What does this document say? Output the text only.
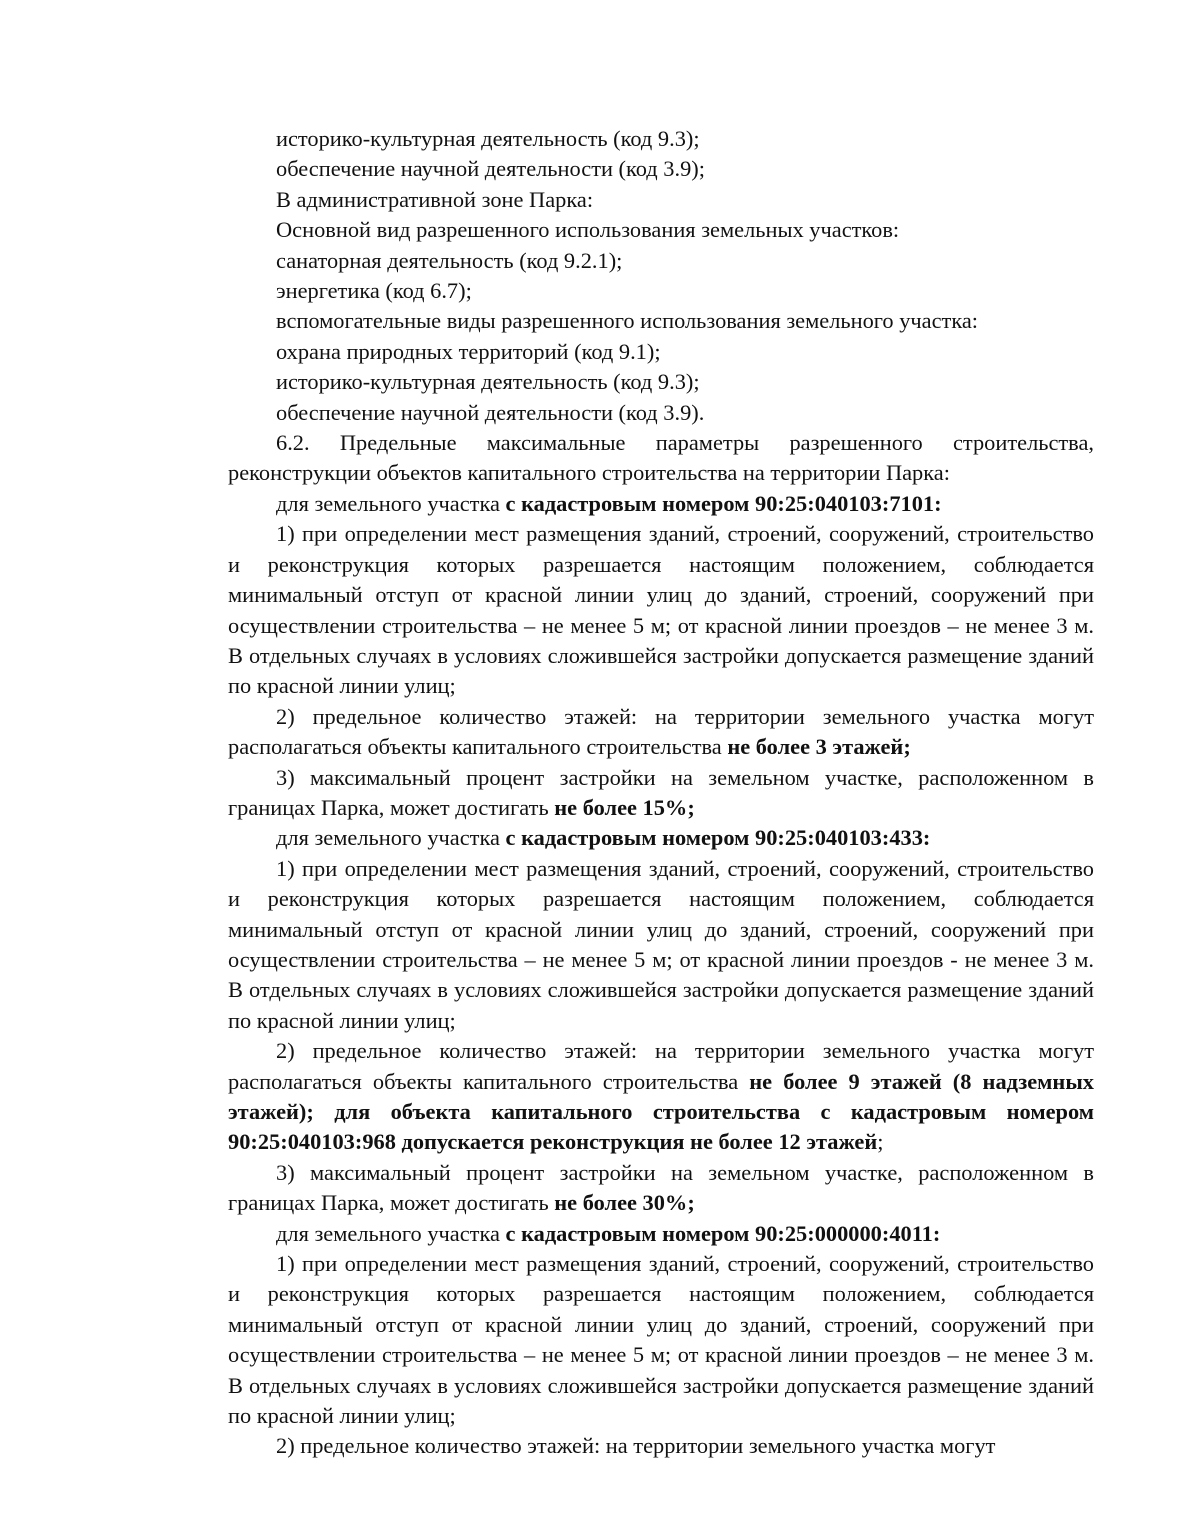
историко-культурная деятельность (код 9.3);
обеспечение научной деятельности (код 3.9);
В административной зоне Парка:
Основной вид разрешенного использования земельных участков:
санаторная деятельность (код 9.2.1);
энергетика (код 6.7);
вспомогательные виды разрешенного использования земельного участка:
охрана природных территорий (код 9.1);
историко-культурная деятельность (код 9.3);
обеспечение научной деятельности (код 3.9).
6.2. Предельные максимальные параметры разрешенного строительства, реконструкции объектов капитального строительства на территории Парка:
для земельного участка с кадастровым номером 90:25:040103:7101:
1) при определении мест размещения зданий, строений, сооружений, строительство и реконструкция которых разрешается настоящим положением, соблюдается минимальный отступ от красной линии улиц до зданий, строений, сооружений при осуществлении строительства – не менее 5 м; от красной линии проездов – не менее 3 м. В отдельных случаях в условиях сложившейся застройки допускается размещение зданий по красной линии улиц;
2) предельное количество этажей: на территории земельного участка могут располагаться объекты капитального строительства не более 3 этажей;
3) максимальный процент застройки на земельном участке, расположенном в границах Парка, может достигать не более 15%;
для земельного участка с кадастровым номером 90:25:040103:433:
1) при определении мест размещения зданий, строений, сооружений, строительство и реконструкция которых разрешается настоящим положением, соблюдается минимальный отступ от красной линии улиц до зданий, строений, сооружений при осуществлении строительства – не менее 5 м; от красной линии проездов - не менее 3 м. В отдельных случаях в условиях сложившейся застройки допускается размещение зданий по красной линии улиц;
2) предельное количество этажей: на территории земельного участка могут располагаться объекты капитального строительства не более 9 этажей (8 надземных этажей); для объекта капитального строительства с кадастровым номером 90:25:040103:968 допускается реконструкция не более 12 этажей;
3) максимальный процент застройки на земельном участке, расположенном в границах Парка, может достигать не более 30%;
для земельного участка с кадастровым номером 90:25:000000:4011:
1) при определении мест размещения зданий, строений, сооружений, строительство и реконструкция которых разрешается настоящим положением, соблюдается минимальный отступ от красной линии улиц до зданий, строений, сооружений при осуществлении строительства – не менее 5 м; от красной линии проездов – не менее 3 м. В отдельных случаях в условиях сложившейся застройки допускается размещение зданий по красной линии улиц;
2) предельное количество этажей: на территории земельного участка могут
